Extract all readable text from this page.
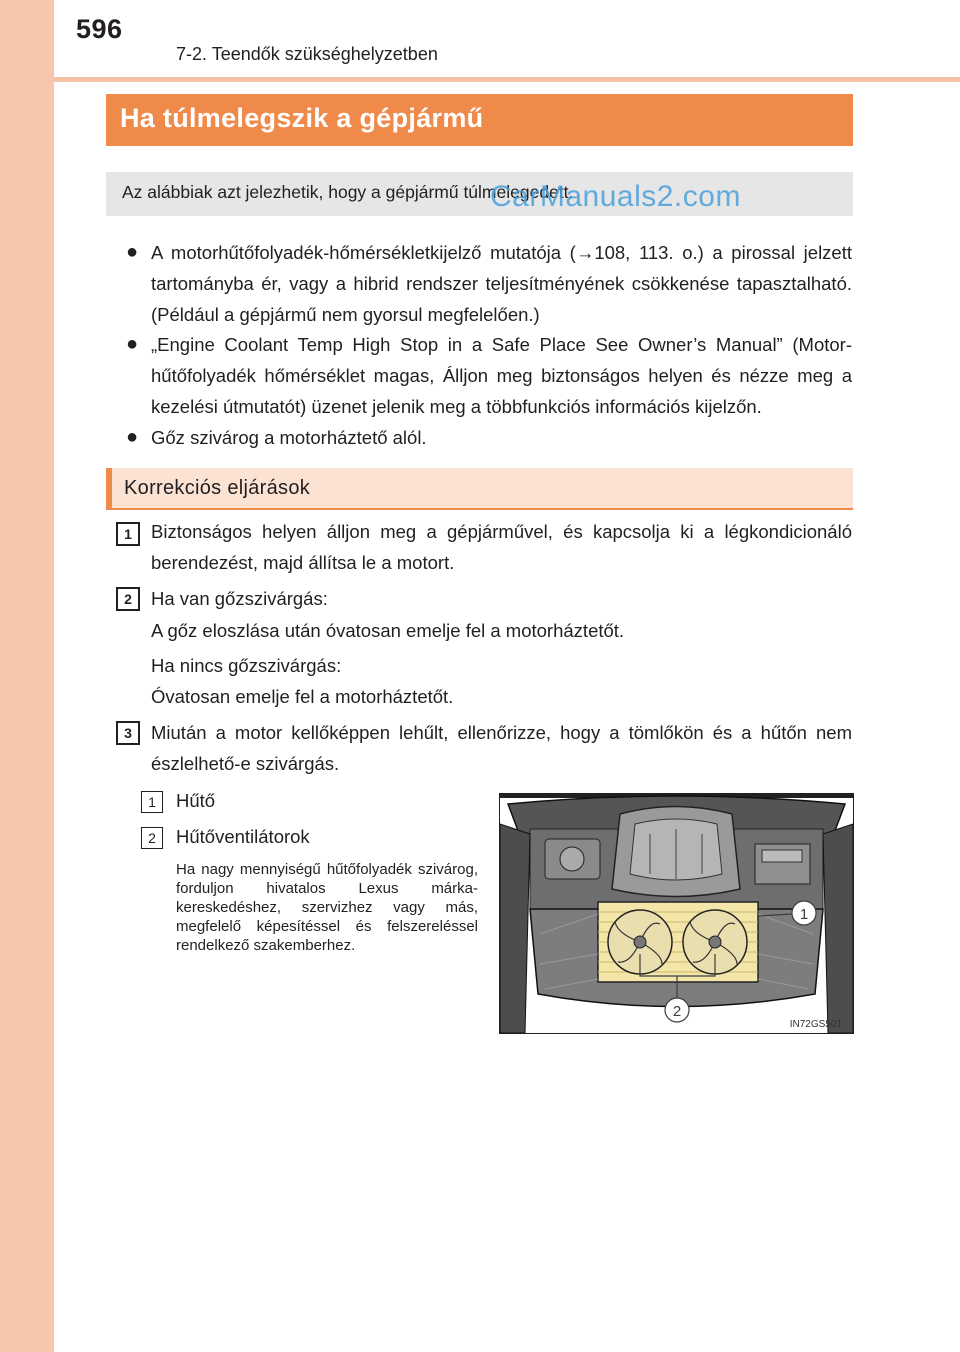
596
7-2. Teendők szükséghelyzetben
Ha túlmelegszik a gépjármű
Az alábbiak azt jelezhetik, hogy a gépjármű túlmelegedett.
CarManuals2.com
● A motorhűtőfolyadék-hőmérsékletkijelző mutatója (→108, 113. o.) a pirossal jelzett tartományba ér, vagy a hibrid rendszer teljesítményének csökkenése tapasztalható. (Például a gépjármű nem gyorsul megfelelően.)
● „Engine Coolant Temp High Stop in a Safe Place See Owner’s Manual” (Motorhűtőfolyadék hőmérséklet magas, Álljon meg biztonságos helyen és nézze meg a kezelési útmutatót) üzenet jelenik meg a többfunkciós információs kijelzőn.
● Gőz szivárog a motorháztető alól.
Korrekciós eljárások
1	Biztonságos helyen álljon meg a gépjárművel, és kapcsolja ki a légkondicionáló berendezést, majd állítsa le a motort.
2	Ha van gőzszivárgás:
A gőz eloszlása után óvatosan emelje fel a motorháztetőt.
Ha nincs gőzszivárgás:
Óvatosan emelje fel a motorháztetőt.
3	Miután a motor kellőképpen lehűlt, ellenőrizze, hogy a tömlőkön és a hűtőn nem észlelhető-e szivárgás.
1	Hűtő
2	Hűtőventilátorok
Ha nagy mennyiségű hűtőfolyadék szivárog, forduljon hivatalos Lexus márkakereskedéshez, szervizhez vagy más, megfelelő képesítéssel és felszereléssel rendelkező szakemberhez.
1
2
IN72GS501
